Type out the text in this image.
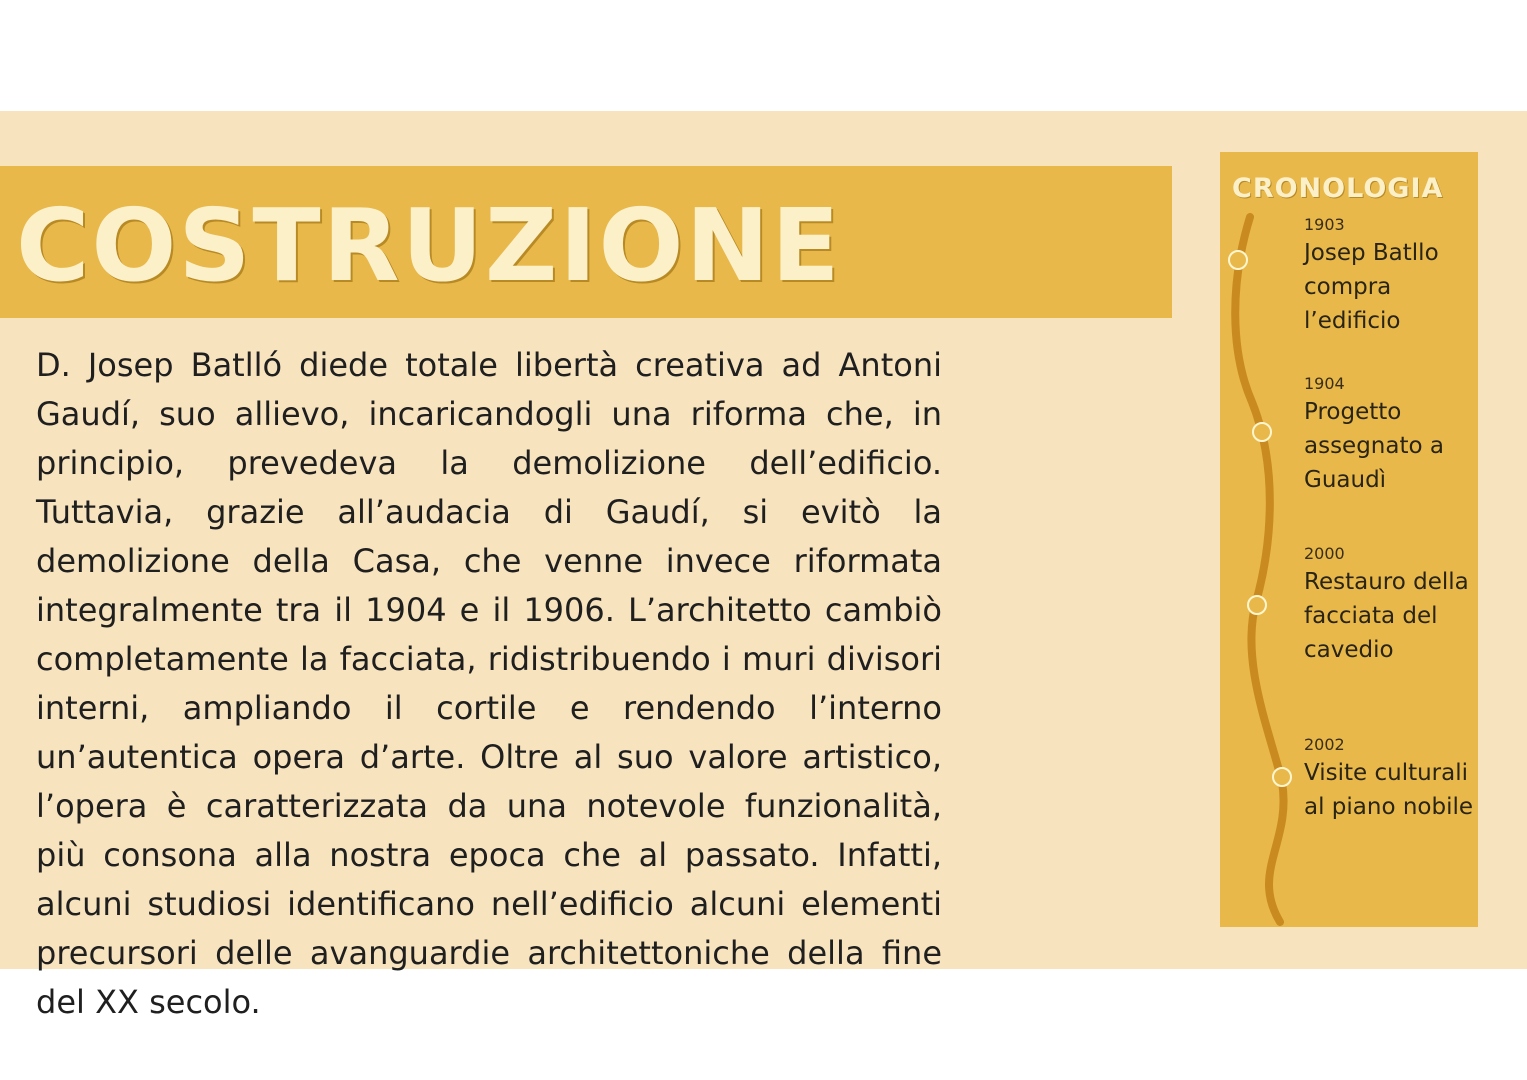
COSTRUZIONE

D. Josep Batlló diede totale libertà creativa ad Antoni Gaudí, suo allievo, incaricandogli una riforma che, in principio, prevedeva la demolizione dell’edificio. Tuttavia, grazie all’audacia di Gaudí, si evitò la demolizione della Casa, che venne invece riformata integralmente tra il 1904 e il 1906. L’architetto cambiò completamente la facciata, ridistribuendo i muri divisori interni, ampliando il cortile e rendendo l’interno un’autentica opera d’arte. Oltre al suo valore artistico, l’opera è caratterizzata da una notevole funzionalità, più consona alla nostra epoca che al passato. Infatti, alcuni studiosi identificano nell’edificio alcuni elementi precursori delle avanguardie architettoniche della fine del XX secolo.

CRONOLOGIA
1903
Josep Batllo compra l’edificio
1904
Progetto assegnato a Guaudì
2000
Restauro della facciata del cavedio
2002
Visite culturali al piano nobile
